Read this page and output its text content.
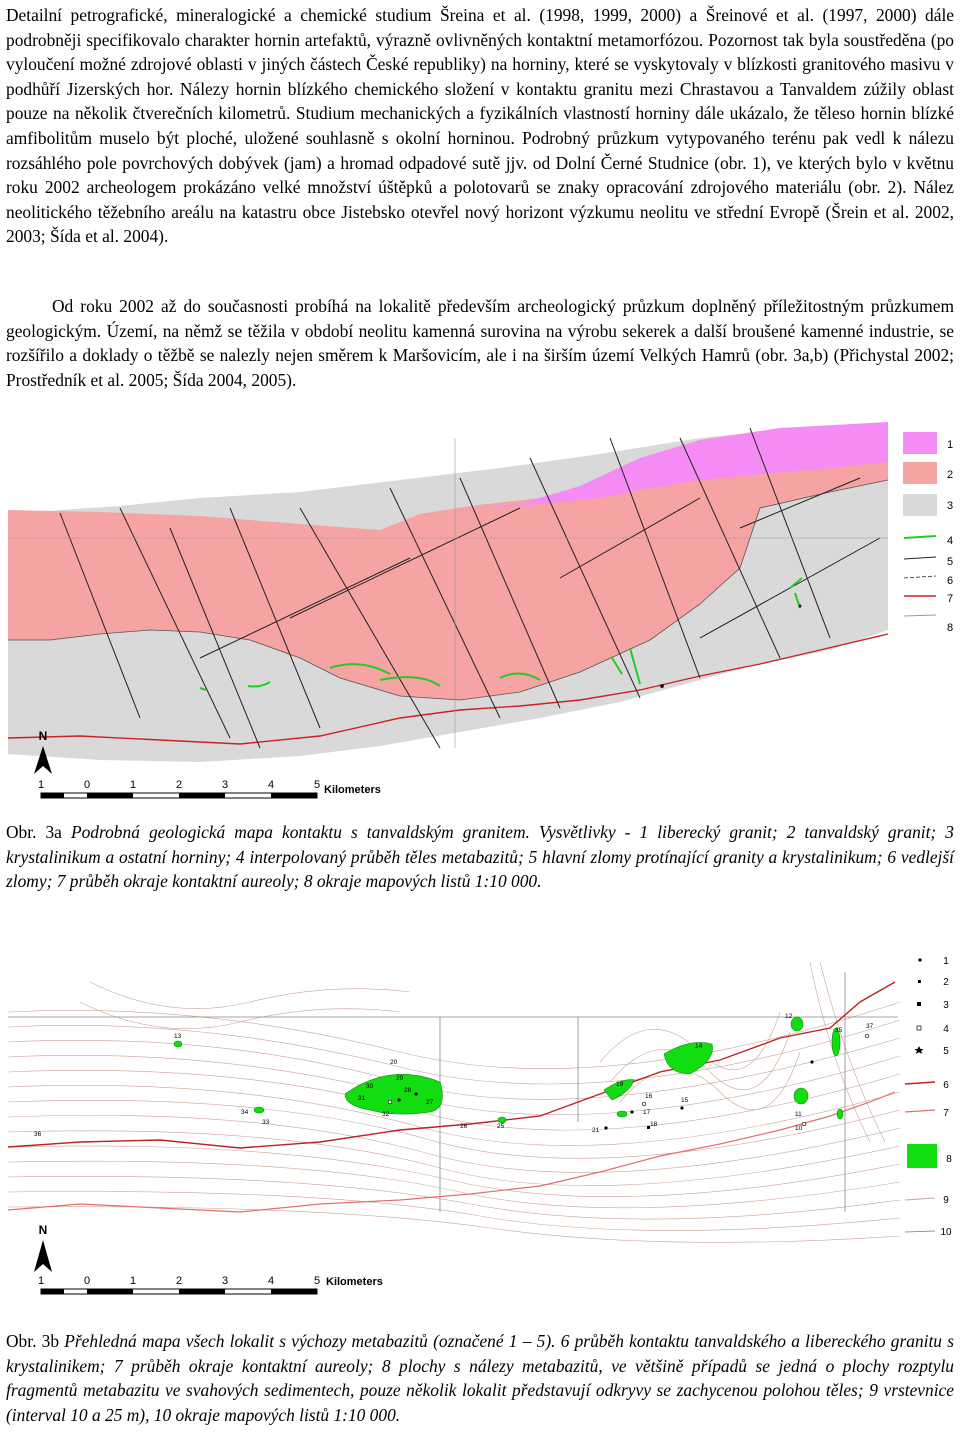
Detailní petrografické, mineralogické a chemické studium Šreina et al. (1998, 1999, 2000) a Šreinové et al. (1997, 2000) dále podrobněji specifikovalo charakter hornin artefaktů, výrazně ovlivněných kontaktní metamorfózou. Pozornost tak byla soustředěna (po vyloučení možné zdrojové oblasti v jiných částech České republiky) na horniny, které se vyskytovaly v blízkosti granitového masivu v podhůří Jizerských hor. Nálezy hornin blízkého chemického složení v kontaktu granitu mezi Chrastavou a Tanvaldem zúžily oblast pouze na několik čtverečních kilometrů. Studium mechanických a fyzikálních vlastností horniny dále ukázalo, že těleso hornin blízké amfibolitům muselo být ploché, uložené souhlasně s okolní horninou. Podrobný průzkum vytypovaného terénu pak vedl k nálezu rozsáhlého pole povrchových dobývek (jam) a hromad odpadové sutě jjv. od Dolní Černé Studnice (obr. 1), ve kterých bylo v květnu roku 2002 archeologem prokázáno velké množství úštěpků a polotovarů se znaky opracování zdrojového materiálu (obr. 2). Nález neolitického těžebního areálu na katastru obce Jistebsko otevřel nový horizont výzkumu neolitu ve střední Evropě (Šrein et al. 2002, 2003; Šída et al. 2004).

Od roku 2002 až do současnosti probíhá na lokalitě především archeologický průzkum doplněný příležitostným průzkumem geologickým. Území, na němž se těžila v období neolitu kamenná surovina na výrobu sekerek a další broušené kamenné industrie, se rozšířilo a doklady o těžbě se nalezly nejen směrem k Maršovicím, ale i na širším území Velkých Hamrů (obr. 3a,b) (Přichystal 2002; Prostředník et al. 2005; Šída 2004, 2005).

1
2
3
4
5
6
7
8
N
1	0	1	2	3	4	5 Kilometers

Obr. 3a Podrobná geologická mapa kontaktu s tanvaldským granitem. Vysvětlivky - 1 liberecký granit; 2 tanvaldský granit; 3 krystalinikum a ostatní horniny; 4 interpolovaný průběh těles metabazitů; 5 hlavní zlomy protínající granity a krystalinikum; 6 vedlejší zlomy; 7 průběh okraje kontaktní aureoly; 8 okraje mapových listů 1:10 000.

12
37
35
36
13
14
19
16
15
11
10
17
18
21
29
30
31
28
27
32
34
33
25
26
20
1
2
3
4
5
6
7
8
9
10
N
1	0	1	2	3	4	5 Kilometers

Obr. 3b Přehledná mapa všech lokalit s výchozy metabazitů (označené 1 – 5). 6 průběh kontaktu tanvaldského a libereckého granitu s krystalinikem; 7 průběh okraje kontaktní aureoly; 8 plochy s nálezy metabazitů, ve většině případů se jedná o plochy rozptylu fragmentů metabazitu ve svahových sedimentech, pouze několik lokalit představují odkryvy se zachycenou polohou těles; 9 vrstevnice (interval 10 a 25 m), 10 okraje mapových listů 1:10 000.
